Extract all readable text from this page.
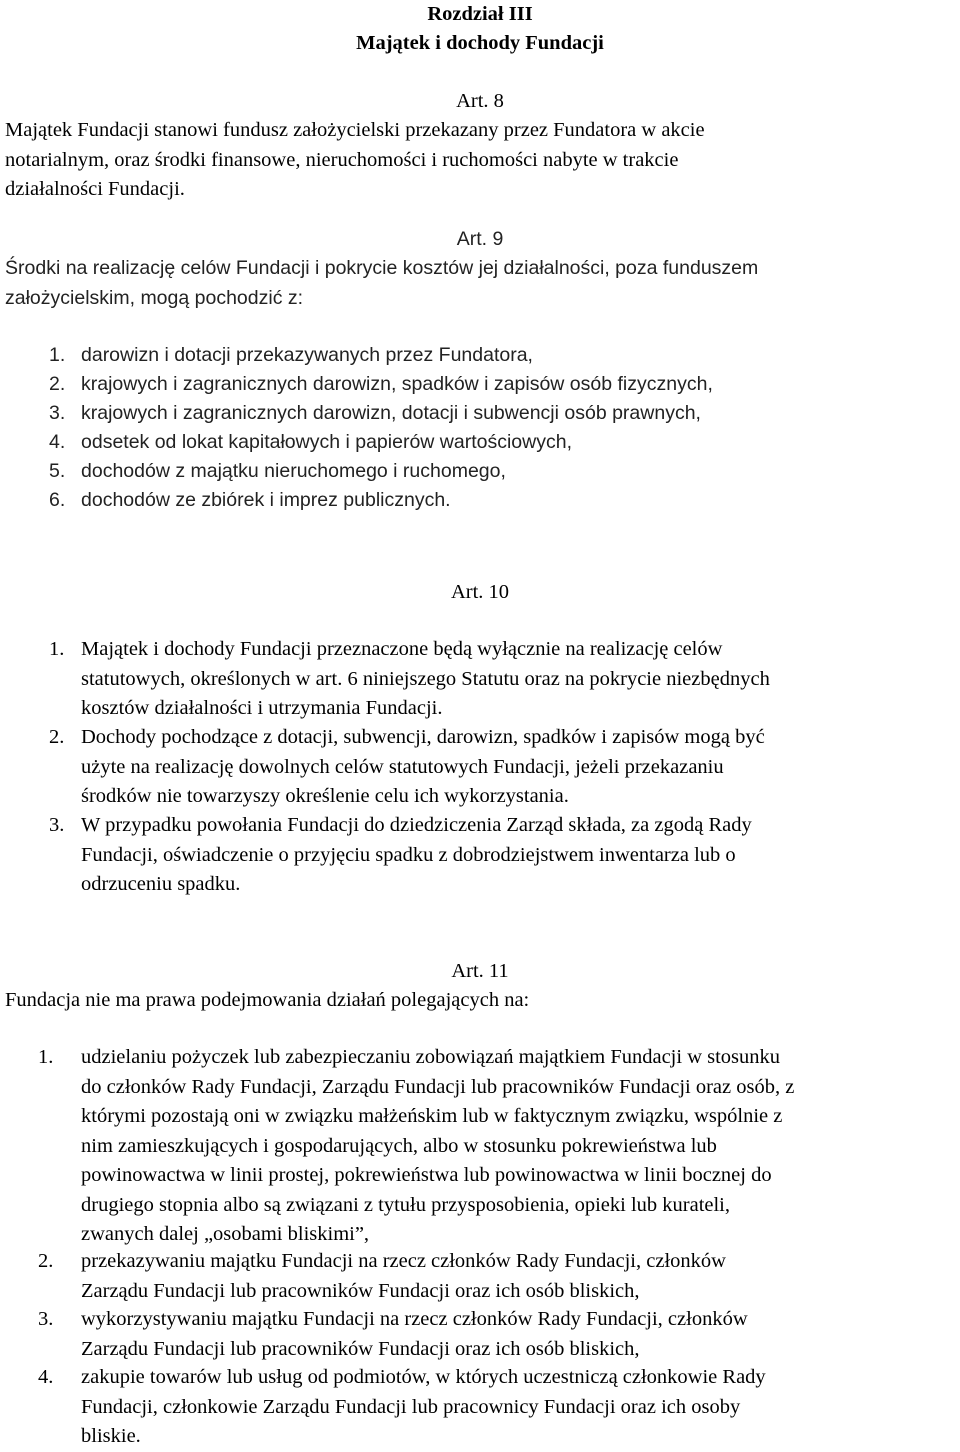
Rozdział III
Majątek i dochody Fundacji
Art. 8
Majątek Fundacji stanowi fundusz założycielski przekazany przez Fundatora w akcie
notarialnym, oraz środki finansowe, nieruchomości i ruchomości nabyte w trakcie
działalności Fundacji.
Art. 9
Środki na realizację celów Fundacji i pokrycie kosztów jej działalności, poza funduszem
założycielskim, mogą pochodzić z:
1. darowizn i dotacji przekazywanych przez Fundatora,
2. krajowych i zagranicznych darowizn, spadków i zapisów osób fizycznych,
3. krajowych i zagranicznych darowizn, dotacji i subwencji osób prawnych,
4. odsetek od lokat kapitałowych i papierów wartościowych,
5. dochodów z majątku nieruchomego i ruchomego,
6. dochodów ze zbiórek i imprez publicznych.
Art. 10
1. Majątek i dochody Fundacji przeznaczone będą wyłącznie na realizację celów
statutowych, określonych w art. 6 niniejszego Statutu oraz na pokrycie niezbędnych
kosztów działalności i utrzymania Fundacji.
2. Dochody pochodzące z dotacji, subwencji, darowizn, spadków i zapisów mogą być
użyte na realizację dowolnych celów statutowych Fundacji, jeżeli przekazaniu
środków nie towarzyszy określenie celu ich wykorzystania.
3. W przypadku powołania Fundacji do dziedziczenia Zarząd składa, za zgodą Rady
Fundacji, oświadczenie o przyjęciu spadku z dobrodziejstwem inwentarza lub o
odrzuceniu spadku.
Art. 11
Fundacja nie ma prawa podejmowania działań polegających na:
1. udzielaniu pożyczek lub zabezpieczaniu zobowiązań majątkiem Fundacji w stosunku
do członków Rady Fundacji, Zarządu Fundacji lub pracowników Fundacji oraz osób, z
którymi pozostają oni w związku małżeńskim lub w faktycznym związku, wspólnie z
nim zamieszkujących i gospodarujących, albo w stosunku pokrewieństwa lub
powinowactwa w linii prostej, pokrewieństwa lub powinowactwa w linii bocznej do
drugiego stopnia albo są związani z tytułu przysposobienia, opieki lub kurateli,
zwanych dalej „osobami bliskimi”,
2. przekazywaniu majątku Fundacji na rzecz członków Rady Fundacji, członków
Zarządu Fundacji lub pracowników Fundacji oraz ich osób bliskich,
3. wykorzystywaniu majątku Fundacji na rzecz członków Rady Fundacji, członków
Zarządu Fundacji lub pracowników Fundacji oraz ich osób bliskich,
4. zakupie towarów lub usług od podmiotów, w których uczestniczą członkowie Rady
Fundacji, członkowie Zarządu Fundacji lub pracownicy Fundacji oraz ich osoby
bliskie.
